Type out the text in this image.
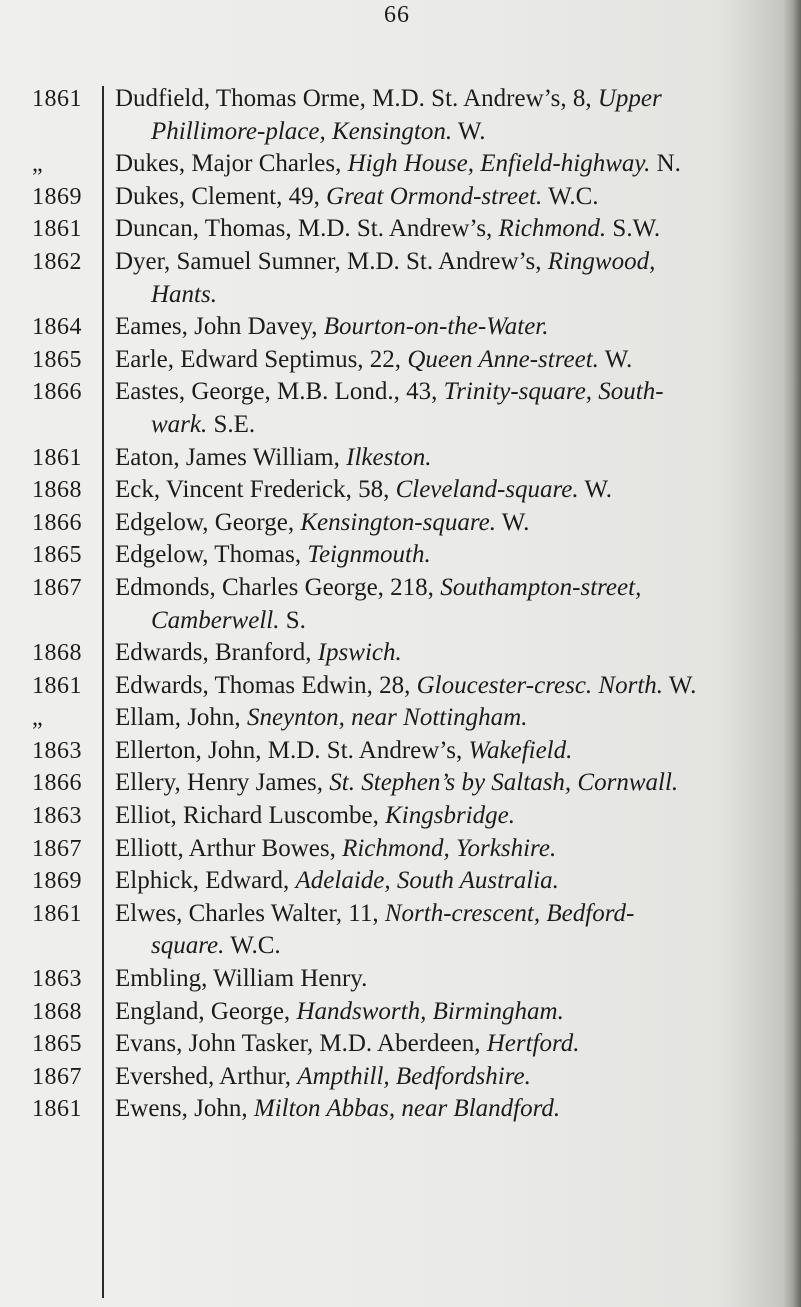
66
1861	Dudfield, Thomas Orme, M.D. St. Andrew’s, 8, Upper
Phillimore-place, Kensington. W.
„	Dukes, Major Charles, High House, Enfield-highway. N.
1869	Dukes, Clement, 49, Great Ormond-street. W.C.
1861	Duncan, Thomas, M.D. St. Andrew’s, Richmond. S.W.
1862	Dyer, Samuel Sumner, M.D. St. Andrew’s, Ringwood,
Hants.
1864	Eames, John Davey, Bourton-on-the-Water.
1865	Earle, Edward Septimus, 22, Queen Anne-street. W.
1866	Eastes, George, M.B. Lond., 43, Trinity-square, South-
wark. S.E.
1861	Eaton, James William, Ilkeston.
1868	Eck, Vincent Frederick, 58, Cleveland-square. W.
1866	Edgelow, George, Kensington-square. W.
1865	Edgelow, Thomas, Teignmouth.
1867	Edmonds, Charles George, 218, Southampton-street,
Camberwell. S.
1868	Edwards, Branford, Ipswich.
1861	Edwards, Thomas Edwin, 28, Gloucester-cresc. North. W.
„	Ellam, John, Sneynton, near Nottingham.
1863	Ellerton, John, M.D. St. Andrew’s, Wakefield.
1866	Ellery, Henry James, St. Stephen’s by Saltash, Cornwall.
1863	Elliot, Richard Luscombe, Kingsbridge.
1867	Elliott, Arthur Bowes, Richmond, Yorkshire.
1869	Elphick, Edward, Adelaide, South Australia.
1861	Elwes, Charles Walter, 11, North-crescent, Bedford-
square. W.C.
1863	Embling, William Henry.
1868	England, George, Handsworth, Birmingham.
1865	Evans, John Tasker, M.D. Aberdeen, Hertford.
1867	Evershed, Arthur, Ampthill, Bedfordshire.
1861	Ewens, John, Milton Abbas, near Blandford.
